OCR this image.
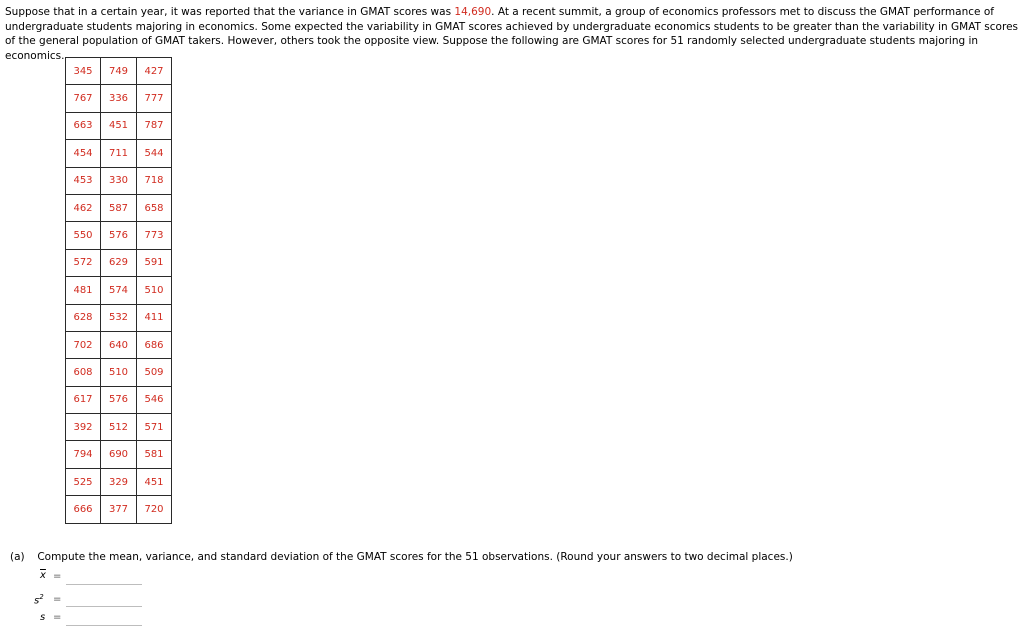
Suppose that in a certain year, it was reported that the variance in GMAT scores was 14,690. At a recent summit, a group of economics professors met to discuss the GMAT performance of undergraduate students majoring in economics. Some expected the variability in GMAT scores achieved by undergraduate economics students to be greater than the variability in GMAT scores of the general population of GMAT takers. However, others took the opposite view. Suppose the following are GMAT scores for 51 randomly selected undergraduate students majoring in economics.

345	749	427
767	336	777
663	451	787
454	711	544
453	330	718
462	587	658
550	576	773
572	629	591
481	574	510
628	532	411
702	640	686
608	510	509
617	576	546
392	512	571
794	690	581
525	329	451
666	377	720
(a) Compute the mean, variance, and standard deviation of the GMAT scores for the 51 observations. (Round your answers to two decimal places.)
$\overline{x}$ =
$s^2$ =
s =
